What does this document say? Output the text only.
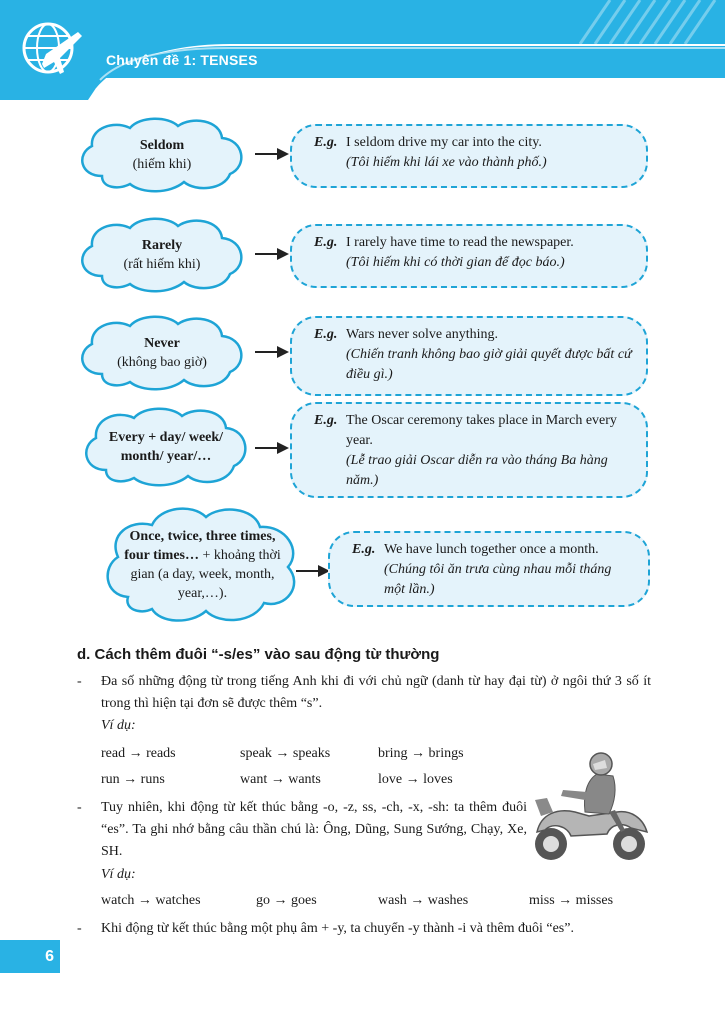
Chuyên đề 1: TENSES
Seldom
(hiếm khi)
E.g. I seldom drive my car into the city.
(Tôi hiếm khi lái xe vào thành phố.)
Rarely
(rất hiếm khi)
E.g. I rarely have time to read the newspaper.
(Tôi hiếm khi có thời gian để đọc báo.)
Never
(không bao giờ)
E.g. Wars never solve anything.
(Chiến tranh không bao giờ giải quyết được bất cứ điều gì.)
Every + day/ week/ month/ year/…
E.g. The Oscar ceremony takes place in March every year.
(Lễ trao giải Oscar diễn ra vào tháng Ba hàng năm.)
Once, twice, three times, four times… + khoảng thời gian (a day, week, month, year,…).
E.g. We have lunch together once a month.
(Chúng tôi ăn trưa cùng nhau mỗi tháng một lần.)
d. Cách thêm đuôi “-s/es” vào sau động từ thường
- Đa số những động từ trong tiếng Anh khi đi với chủ ngữ (danh từ hay đại từ) ở ngôi thứ 3 số ít trong thì hiện tại đơn sẽ được thêm “s”.
Ví dụ:
read → reads	speak → speaks	bring → brings
run → runs	want → wants	love → loves
- Tuy nhiên, khi động từ kết thúc bằng -o, -z, ss, -ch, -x, -sh: ta thêm đuôi “es”. Ta ghi nhớ bằng câu thần chú là: Ông, Dũng, Sung Sướng, Chạy, Xe, SH.
Ví dụ:
watch → watches	go → goes	wash → washes	miss → misses
- Khi động từ kết thúc bằng một phụ âm + -y, ta chuyển -y thành -i và thêm đuôi “es”.
6
